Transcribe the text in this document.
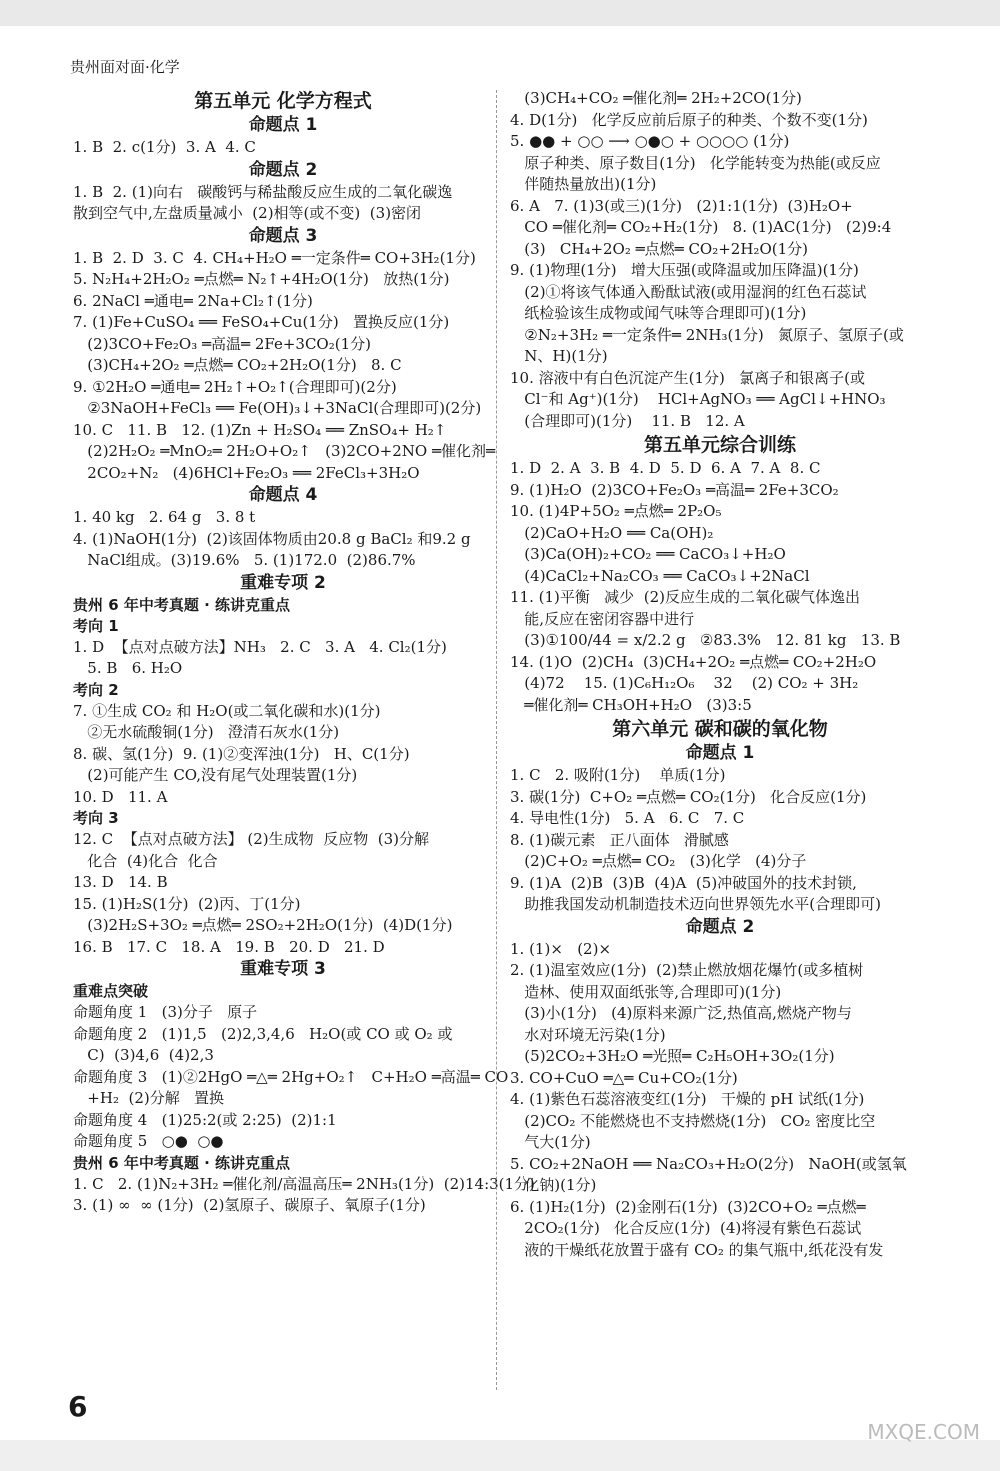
贵州面对面·化学
第五单元 化学方程式
命题点 1
1. B  2. c(1分)  3. A  4. C
命题点 2
1. B  2. (1)向右   碳酸钙与稀盐酸反应生成的二氧化碳逸
散到空气中,左盘质量减小  (2)相等(或不变)  (3)密闭
命题点 3
1. B  2. D  3. C  4. CH₄+H₂O ═一定条件═ CO+3H₂(1分)
5. N₂H₄+2H₂O₂ ═点燃═ N₂↑+4H₂O(1分)   放热(1分)
6. 2NaCl ═通电═ 2Na+Cl₂↑(1分)
7. (1)Fe+CuSO₄ ══ FeSO₄+Cu(1分)   置换反应(1分)
(2)3CO+Fe₂O₃ ═高温═ 2Fe+3CO₂(1分)
(3)CH₄+2O₂ ═点燃═ CO₂+2H₂O(1分)   8. C
9. ①2H₂O ═通电═ 2H₂↑+O₂↑(合理即可)(2分)
②3NaOH+FeCl₃ ══ Fe(OH)₃↓+3NaCl(合理即可)(2分)
10. C   11. B   12. (1)Zn + H₂SO₄ ══ ZnSO₄+ H₂↑
(2)2H₂O₂ ═MnO₂═ 2H₂O+O₂↑   (3)2CO+2NO ═催化剂═
2CO₂+N₂   (4)6HCl+Fe₂O₃ ══ 2FeCl₃+3H₂O
命题点 4
1. 40 kg   2. 64 g   3. 8 t
4. (1)NaOH(1分)  (2)该固体物质由20.8 g BaCl₂ 和9.2 g
NaCl组成。(3)19.6%   5. (1)172.0  (2)86.7%
重难专项 2
贵州 6 年中考真题 · 练讲克重点
考向 1
1. D  【点对点破方法】NH₃   2. C   3. A   4. Cl₂(1分)
5. B   6. H₂O
考向 2
7. ①生成 CO₂ 和 H₂O(或二氧化碳和水)(1分)
②无水硫酸铜(1分)   澄清石灰水(1分)
8. 碳、氢(1分)  9. (1)②变浑浊(1分)   H、C(1分)
(2)可能产生 CO,没有尾气处理装置(1分)
10. D   11. A
考向 3
12. C  【点对点破方法】 (2)生成物  反应物  (3)分解
化合  (4)化合  化合
13. D   14. B
15. (1)H₂S(1分)  (2)丙、丁(1分)
(3)2H₂S+3O₂ ═点燃═ 2SO₂+2H₂O(1分)  (4)D(1分)
16. B   17. C   18. A   19. B   20. D   21. D
重难专项 3
重难点突破
命题角度 1   (3)分子   原子
命题角度 2   (1)1,5   (2)2,3,4,6   H₂O(或 CO 或 O₂ 或
C)  (3)4,6  (4)2,3
命题角度 3   (1)②2HgO ═△═ 2Hg+O₂↑   C+H₂O ═高温═ CO
+H₂  (2)分解   置换
命题角度 4   (1)25:2(或 2:25)  (2)1:1
命题角度 5   ○●  ○●
贵州 6 年中考真题 · 练讲克重点
1. C   2. (1)N₂+3H₂ ═催化剂/高温高压═ 2NH₃(1分)  (2)14:3(1分)
3. (1) ∞  ∞ (1分)  (2)氢原子、碳原子、氧原子(1分)
(3)CH₄+CO₂ ═催化剂═ 2H₂+2CO(1分)
4. D(1分)   化学反应前后原子的种类、个数不变(1分)
5. ●● + ○○ ⟶ ○●○ + ○○○○ (1分)
原子种类、原子数目(1分)   化学能转变为热能(或反应
伴随热量放出)(1分)
6. A   7. (1)3(或三)(1分)   (2)1:1(1分)  (3)H₂O+
CO ═催化剂═ CO₂+H₂(1分)   8. (1)AC(1分)   (2)9:4
(3)   CH₄+2O₂ ═点燃═ CO₂+2H₂O(1分)
9. (1)物理(1分)   增大压强(或降温或加压降温)(1分)
(2)①将该气体通入酚酞试液(或用湿润的红色石蕊试
纸检验该生成物或闻气味等合理即可)(1分)
②N₂+3H₂ ═一定条件═ 2NH₃(1分)   氮原子、氢原子(或
N、H)(1分)
10. 溶液中有白色沉淀产生(1分)   氯离子和银离子(或
Cl⁻和 Ag⁺)(1分)    HCl+AgNO₃ ══ AgCl↓+HNO₃
(合理即可)(1分)    11. B   12. A
第五单元综合训练
1. D  2. A  3. B  4. D  5. D  6. A  7. A  8. C
9. (1)H₂O  (2)3CO+Fe₂O₃ ═高温═ 2Fe+3CO₂
10. (1)4P+5O₂ ═点燃═ 2P₂O₅
(2)CaO+H₂O ══ Ca(OH)₂
(3)Ca(OH)₂+CO₂ ══ CaCO₃↓+H₂O
(4)CaCl₂+Na₂CO₃ ══ CaCO₃↓+2NaCl
11. (1)平衡   减少  (2)反应生成的二氧化碳气体逸出
能,反应在密闭容器中进行
(3)①100/44 = x/2.2 g   ②83.3%   12. 81 kg   13. B
14. (1)O  (2)CH₄  (3)CH₄+2O₂ ═点燃═ CO₂+2H₂O
(4)72    15. (1)C₆H₁₂O₆    32    (2) CO₂ + 3H₂
═催化剂═ CH₃OH+H₂O   (3)3:5
第六单元 碳和碳的氧化物
命题点 1
1. C   2. 吸附(1分)    单质(1分)
3. 碳(1分)  C+O₂ ═点燃═ CO₂(1分)   化合反应(1分)
4. 导电性(1分)   5. A   6. C   7. C
8. (1)碳元素   正八面体   滑腻感
(2)C+O₂ ═点燃═ CO₂   (3)化学   (4)分子
9. (1)A  (2)B  (3)B  (4)A  (5)冲破国外的技术封锁,
助推我国发动机制造技术迈向世界领先水平(合理即可)
命题点 2
1. (1)×   (2)×
2. (1)温室效应(1分)  (2)禁止燃放烟花爆竹(或多植树
造林、使用双面纸张等,合理即可)(1分)
(3)小(1分)   (4)原料来源广泛,热值高,燃烧产物与
水对环境无污染(1分)
(5)2CO₂+3H₂O ═光照═ C₂H₅OH+3O₂(1分)
3. CO+CuO ═△═ Cu+CO₂(1分)
4. (1)紫色石蕊溶液变红(1分)   干燥的 pH 试纸(1分)
(2)CO₂ 不能燃烧也不支持燃烧(1分)   CO₂ 密度比空
气大(1分)
5. CO₂+2NaOH ══ Na₂CO₃+H₂O(2分)   NaOH(或氢氧
化钠)(1分)
6. (1)H₂(1分)  (2)金刚石(1分)  (3)2CO+O₂ ═点燃═
2CO₂(1分)   化合反应(1分)  (4)将浸有紫色石蕊试
液的干燥纸花放置于盛有 CO₂ 的集气瓶中,纸花没有发
6
MXQE.COM
